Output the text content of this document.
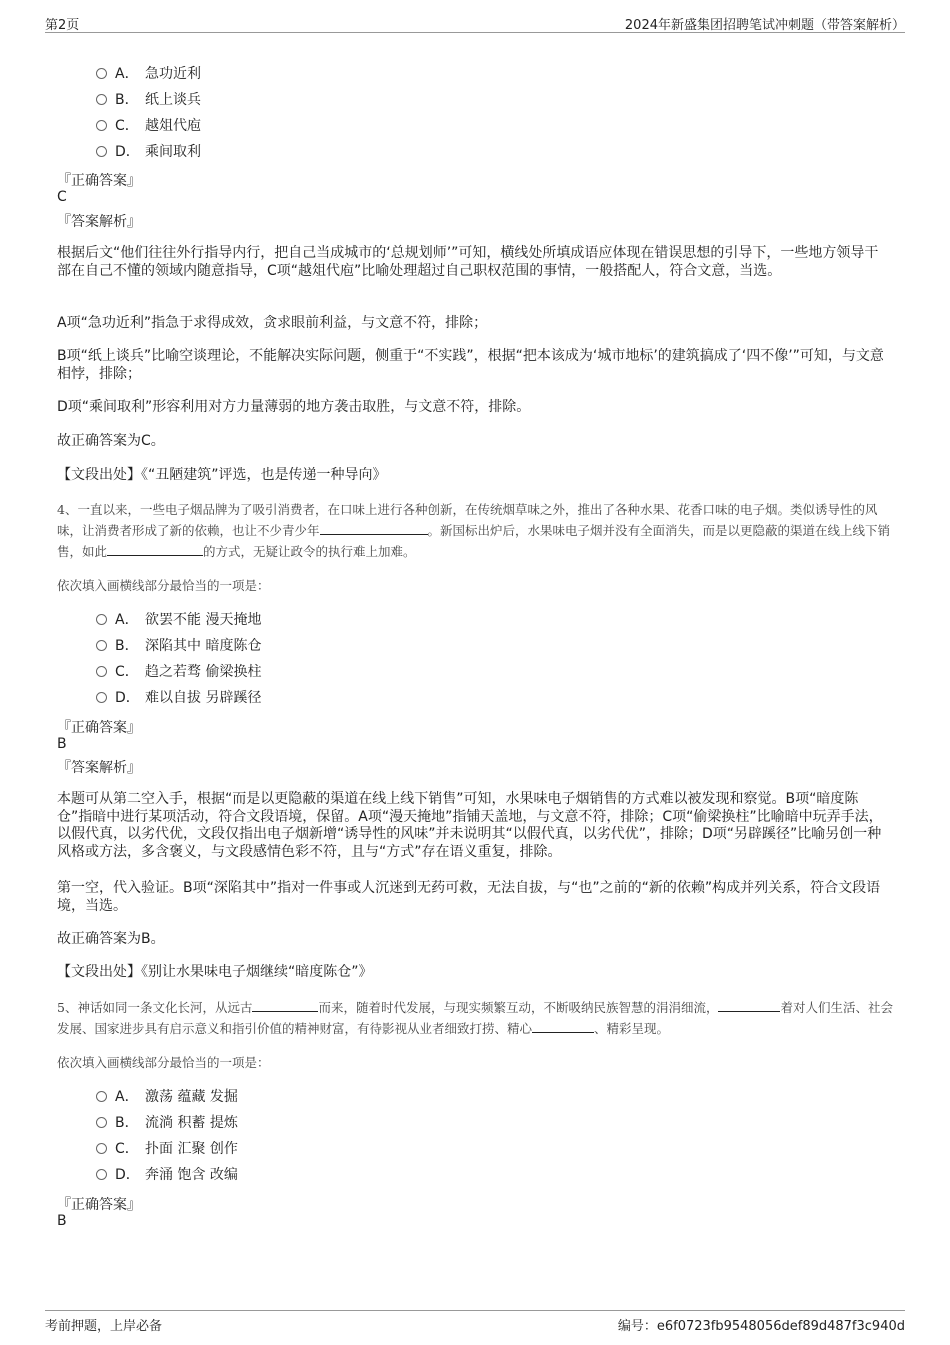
第2页	2024年新盛集团招聘笔试冲刺题（带答案解析）
A． 急功近利
B． 纸上谈兵
C． 越俎代庖
D． 乘间取利
『正确答案』
C
『答案解析』
根据后文“他们往往外行指导内行，把自己当成城市的‘总规划师’”可知，横线处所填成语应体现在错误思想的引导下，一些地方领导干部在自己不懂的领域内随意指导，C项“越俎代庖”比喻处理超过自己职权范围的事情，一般搭配人，符合文意，当选。
A项“急功近利”指急于求得成效，贪求眼前利益，与文意不符，排除；
B项“纸上谈兵”比喻空谈理论，不能解决实际问题，侧重于“不实践”，根据“把本该成为‘城市地标’的建筑搞成了‘四不像’”可知，与文意相悖，排除；
D项“乘间取利”形容利用对方力量薄弱的地方袭击取胜，与文意不符，排除。
故正确答案为C。
【文段出处】《“丑陋建筑”评选，也是传递一种导向》
4、一直以来，一些电子烟品牌为了吸引消费者，在口味上进行各种创新，在传统烟草味之外，推出了各种水果、花香口味的电子烟。类似诱导性的风味，让消费者形成了新的依赖，也让不少青少年	。新国标出炉后，水果味电子烟并没有全面消失，而是以更隐蔽的渠道在线上线下销售，如此	的方式，无疑让政令的执行难上加难。
依次填入画横线部分最恰当的一项是：
A． 欲罢不能 漫天掩地
B． 深陷其中 暗度陈仓
C． 趋之若骛 偷梁换柱
D． 难以自拔 另辟蹊径
『正确答案』
B
『答案解析』
本题可从第二空入手，根据“而是以更隐蔽的渠道在线上线下销售”可知，水果味电子烟销售的方式难以被发现和察觉。B项“暗度陈仓”指暗中进行某项活动，符合文段语境，保留。A项“漫天掩地”指铺天盖地，与文意不符，排除；C项“偷梁换柱”比喻暗中玩弄手法，以假代真，以劣代优，文段仅指出电子烟新增“诱导性的风味”并未说明其“以假代真，以劣代优”，排除；D项“另辟蹊径”比喻另创一种风格或方法，多含褒义，与文段感情色彩不符，且与“方式”存在语义重复，排除。
第一空，代入验证。B项“深陷其中”指对一件事或人沉迷到无药可救，无法自拔，与“也”之前的“新的依赖”构成并列关系，符合文段语境，当选。
故正确答案为B。
【文段出处】《别让水果味电子烟继续“暗度陈仓”》
5、神话如同一条文化长河，从远古	而来，随着时代发展，与现实频繁互动，不断吸纳民族智慧的涓涓细流，	着对人们生活、社会发展、国家进步具有启示意义和指引价值的精神财富，有待影视从业者细致打捞、精心	、精彩呈现。
依次填入画横线部分最恰当的一项是：
A． 激荡 蕴藏 发掘
B． 流淌 积蓄 提炼
C． 扑面 汇聚 创作
D． 奔涌 饱含 改编
『正确答案』
B
考前押题，上岸必备	编号：e6f0723fb9548056def89d487f3c940d
